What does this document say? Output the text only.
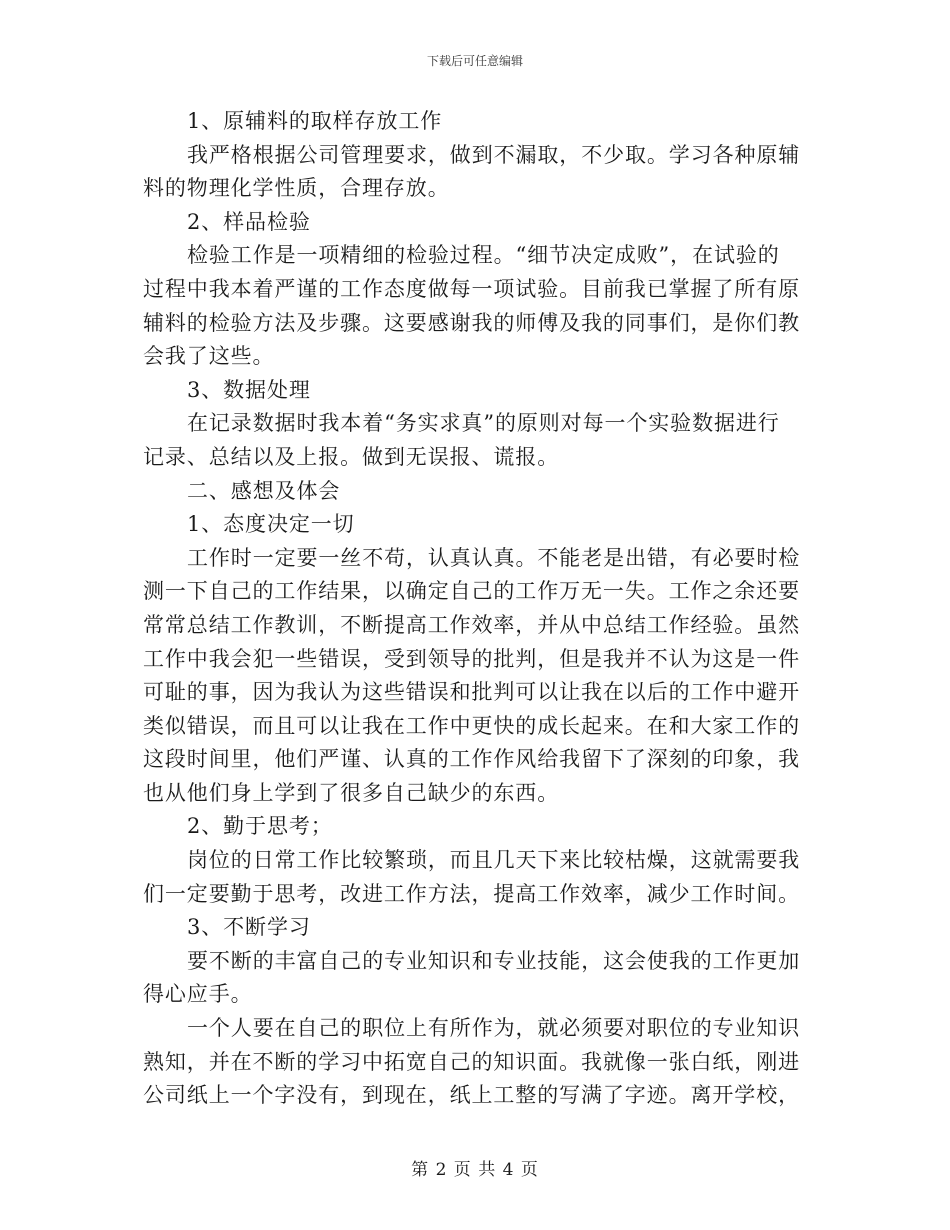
下载后可任意编辑
1、原辅料的取样存放工作
我严格根据公司管理要求，做到不漏取，不少取。学习各种原辅
料的物理化学性质，合理存放。
2、样品检验
检验工作是一项精细的检验过程。“细节决定成败”，在试验的
过程中我本着严谨的工作态度做每一项试验。目前我已掌握了所有原
辅料的检验方法及步骤。这要感谢我的师傅及我的同事们，是你们教
会我了这些。
3、数据处理
在记录数据时我本着“务实求真”的原则对每一个实验数据进行
记录、总结以及上报。做到无误报、谎报。
二、感想及体会
1、态度决定一切
工作时一定要一丝不苟，认真认真。不能老是出错，有必要时检
测一下自己的工作结果，以确定自己的工作万无一失。工作之余还要
常常总结工作教训，不断提高工作效率，并从中总结工作经验。虽然
工作中我会犯一些错误，受到领导的批判，但是我并不认为这是一件
可耻的事，因为我认为这些错误和批判可以让我在以后的工作中避开
类似错误，而且可以让我在工作中更快的成长起来。在和大家工作的
这段时间里，他们严谨、认真的工作作风给我留下了深刻的印象，我
也从他们身上学到了很多自己缺少的东西。
2、勤于思考；
岗位的日常工作比较繁琐，而且几天下来比较枯燥，这就需要我
们一定要勤于思考，改进工作方法，提高工作效率，减少工作时间。
3、不断学习
要不断的丰富自己的专业知识和专业技能，这会使我的工作更加
得心应手。
一个人要在自己的职位上有所作为，就必须要对职位的专业知识
熟知，并在不断的学习中拓宽自己的知识面。我就像一张白纸，刚进
公司纸上一个字没有，到现在，纸上工整的写满了字迹。离开学校，
第 2 页 共 4 页
